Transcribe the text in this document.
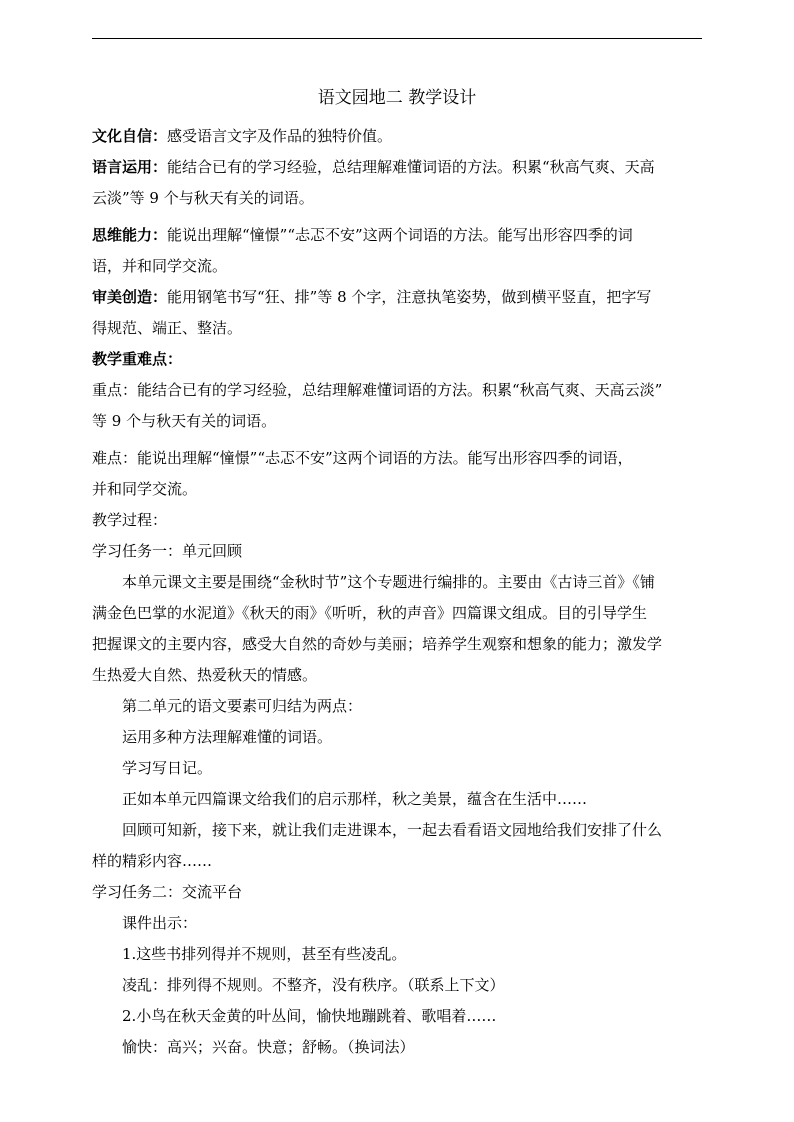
语文园地二 教学设计
文化自信：感受语言文字及作品的独特价值。
语言运用：能结合已有的学习经验，总结理解难懂词语的方法。积累“秋高气爽、天高
云淡”等 9 个与秋天有关的词语。
思维能力：能说出理解“憧憬”“忐忑不安”这两个词语的方法。能写出形容四季的词
语，并和同学交流。
审美创造：能用钢笔书写“狂、排”等 8 个字，注意执笔姿势，做到横平竖直，把字写
得规范、端正、整洁。
教学重难点：
重点：能结合已有的学习经验，总结理解难懂词语的方法。积累“秋高气爽、天高云淡”
等 9 个与秋天有关的词语。
难点：能说出理解“憧憬”“忐忑不安”这两个词语的方法。能写出形容四季的词语，
并和同学交流。
教学过程：
学习任务一：单元回顾
本单元课文主要是围绕“金秋时节”这个专题进行编排的。主要由《古诗三首》《铺
满金色巴掌的水泥道》《秋天的雨》《听听，秋的声音》四篇课文组成。目的引导学生
把握课文的主要内容，感受大自然的奇妙与美丽；培养学生观察和想象的能力；激发学
生热爱大自然、热爱秋天的情感。
第二单元的语文要素可归结为两点：
运用多种方法理解难懂的词语。
学习写日记。
正如本单元四篇课文给我们的启示那样，秋之美景，蕴含在生活中……
回顾可知新，接下来，就让我们走进课本，一起去看看语文园地给我们安排了什么
样的精彩内容……
学习任务二：交流平台
课件出示：
1.这些书排列得并不规则，甚至有些凌乱。
凌乱：排列得不规则。不整齐，没有秩序。（联系上下文）
2.小鸟在秋天金黄的叶丛间，愉快地蹦跳着、歌唱着……
愉快：高兴；兴奋。快意；舒畅。（换词法）
